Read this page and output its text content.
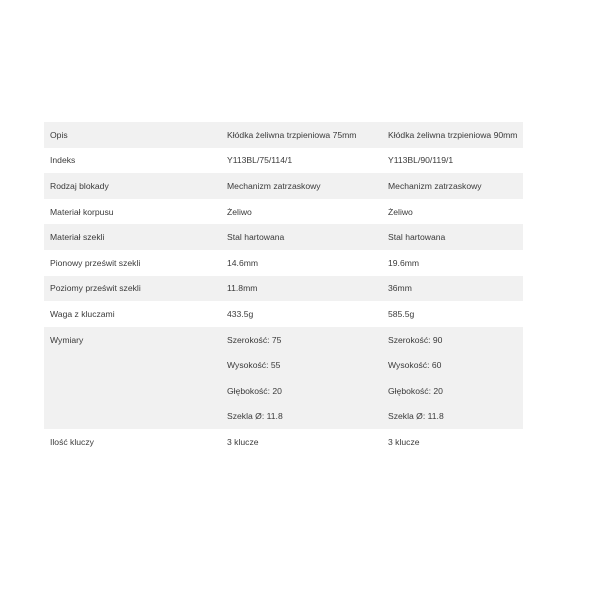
Opis	Kłódka żeliwna trzpieniowa 75mm	Kłódka żeliwna trzpieniowa 90mm
Indeks	Y113BL/75/114/1	Y113BL/90/119/1
Rodzaj blokady	Mechanizm zatrzaskowy	Mechanizm zatrzaskowy
Materiał korpusu	Żeliwo	Żeliwo
Materiał szekli	Stal hartowana	Stal hartowana
Pionowy prześwit szekli	14.6mm	19.6mm
Poziomy prześwit szekli	11.8mm	36mm
Waga z kluczami	433.5g	585.5g
Wymiary	Szerokość: 75	Szerokość: 90
	Wysokość: 55	Wysokość: 60
	Głębokość: 20	Głębokość: 20
	Szekla Ø: 11.8	Szekla Ø: 11.8
Ilość kluczy	3 klucze	3 klucze
